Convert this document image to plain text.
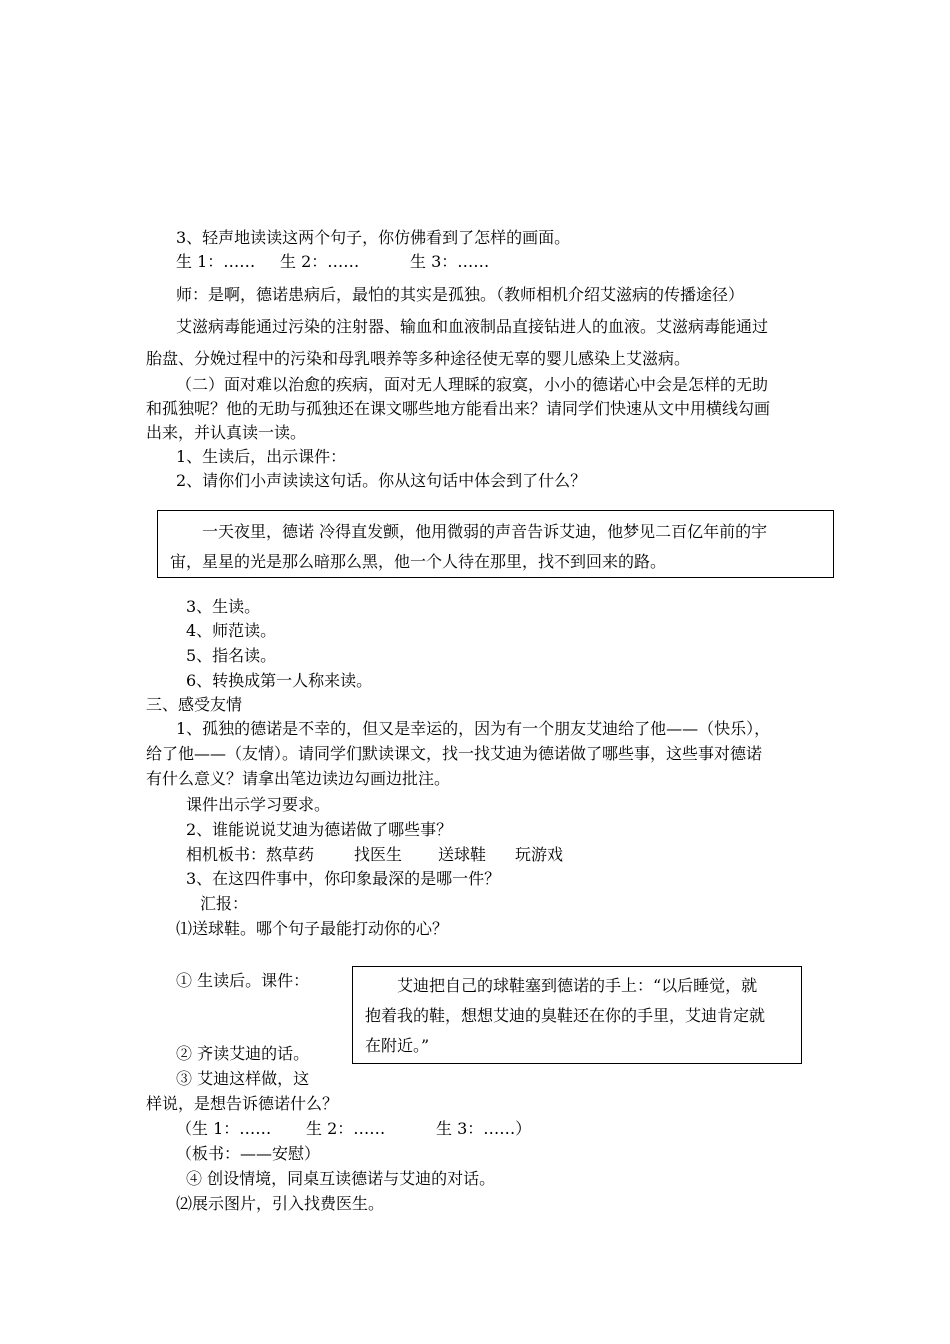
3、轻声地读读这两个句子，你仿佛看到了怎样的画面。
生 1：…… 生 2：……	生 3：……
师：是啊，德诺患病后，最怕的其实是孤独。（教师相机介绍艾滋病的传播途径）
艾滋病毒能通过污染的注射器、输血和血液制品直接钻进人的血液。艾滋病毒能通过
胎盘、分娩过程中的污染和母乳喂养等多种途径使无辜的婴儿感染上艾滋病。
（二）面对难以治愈的疾病，面对无人理睬的寂寞，小小的德诺心中会是怎样的无助
和孤独呢？他的无助与孤独还在课文哪些地方能看出来？请同学们快速从文中用横线勾画
出来，并认真读一读。
1、生读后，出示课件：
2、请你们小声读读这句话。你从这句话中体会到了什么？
一天夜里，德诺 冷得直发颤，他用微弱的声音告诉艾迪，他梦见二百亿年前的宇
宙，星星的光是那么暗那么黑，他一个人待在那里，找不到回来的路。
3、生读。
4、师范读。
5、指名读。
6、转换成第一人称来读。
三、感受友情
1、孤独的德诺是不幸的，但又是幸运的，因为有一个朋友艾迪给了他——（快乐），
给了他——（友情）。请同学们默读课文，找一找艾迪为德诺做了哪些事，这些事对德诺
有什么意义？请拿出笔边读边勾画边批注。
课件出示学习要求。
2、谁能说说艾迪为德诺做了哪些事？
相机板书：熬草药 找医生 送球鞋 玩游戏
3、在这四件事中，你印象最深的是哪一件？
汇报：
⑴送球鞋。哪个句子最能打动你的心？
① 生读后。课件：	艾迪把自己的球鞋塞到德诺的手上：“以后睡觉，就
抱着我的鞋，想想艾迪的臭鞋还在你的手里，艾迪肯定就
在附近。”
② 齐读艾迪的话。
③ 艾迪这样做，这
样说，是想告诉德诺什么？
（生 1：…… 生 2：……	生 3：……）
（板书：——安慰）
④ 创设情境，同桌互读德诺与艾迪的对话。
⑵展示图片，引入找费医生。
